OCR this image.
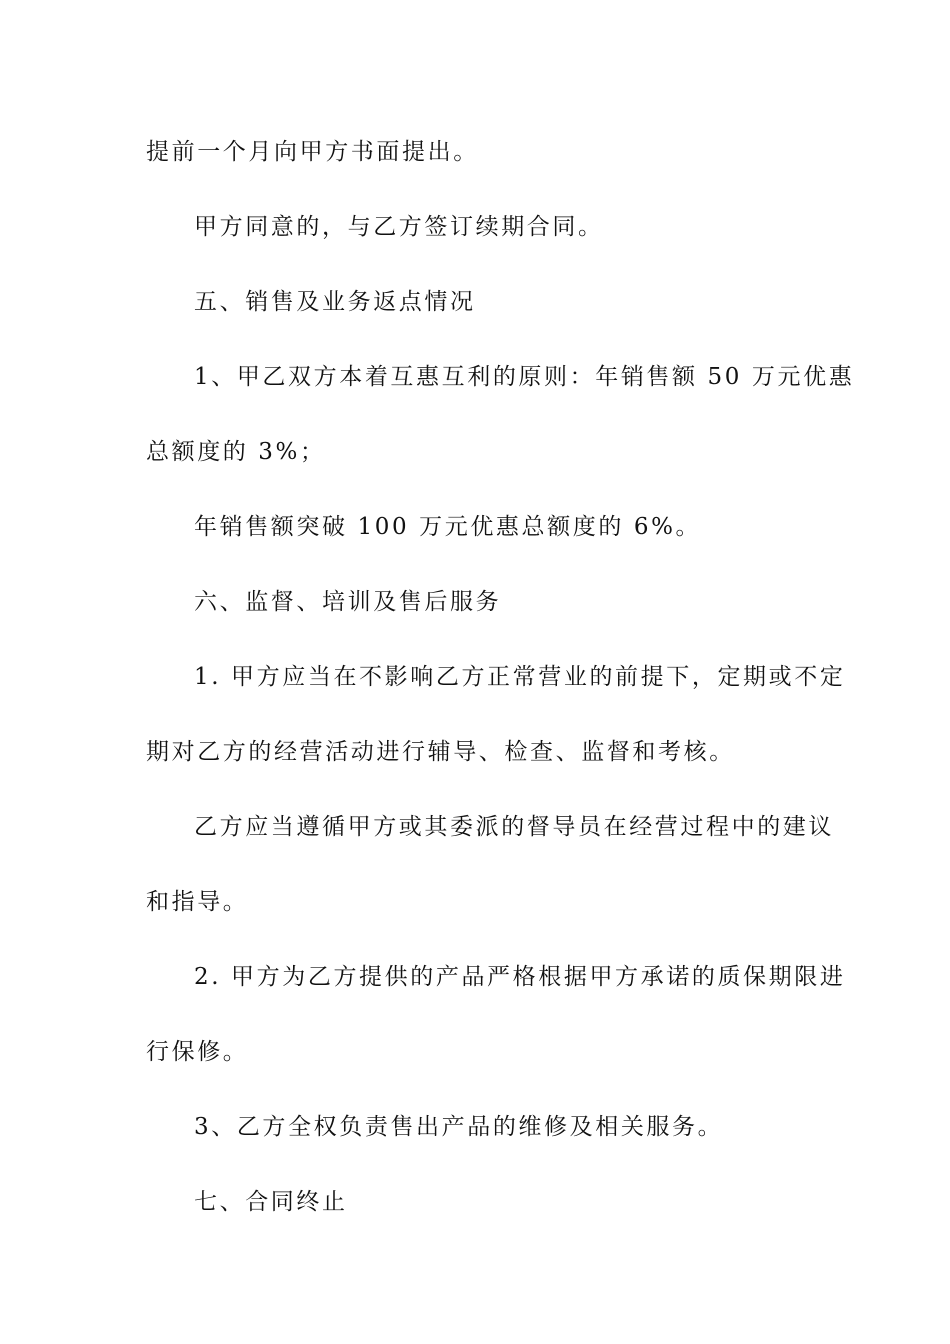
提前一个月向甲方书面提出。
甲方同意的，与乙方签订续期合同。
五、销售及业务返点情况
1、甲乙双方本着互惠互利的原则：年销售额 50 万元优惠
总额度的 3%；
年销售额突破 100 万元优惠总额度的 6%。
六、监督、培训及售后服务
1. 甲方应当在不影响乙方正常营业的前提下，定期或不定
期对乙方的经营活动进行辅导、检查、监督和考核。
乙方应当遵循甲方或其委派的督导员在经营过程中的建议
和指导。
2. 甲方为乙方提供的产品严格根据甲方承诺的质保期限进
行保修。
3、乙方全权负责售出产品的维修及相关服务。
七、合同终止
